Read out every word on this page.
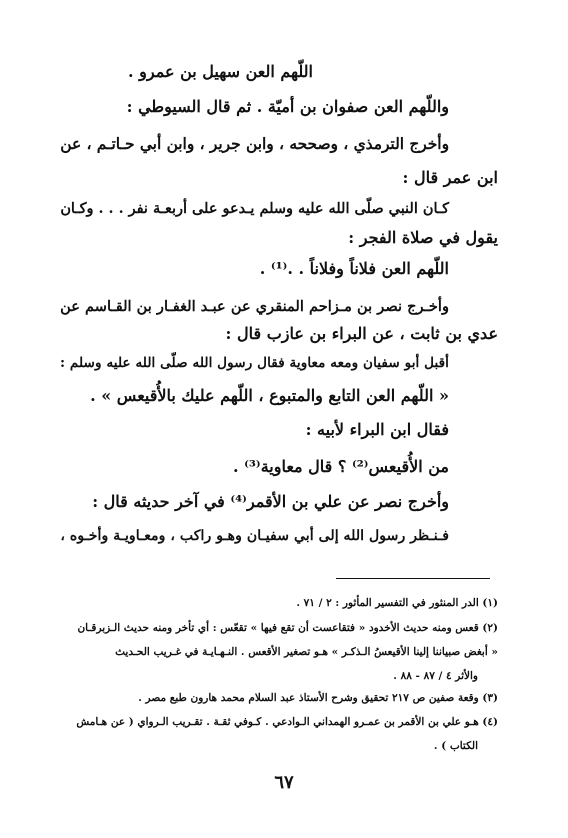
اللّهم العن سهيل بن عمرو .
واللّهم العن صفوان بن أميّة . ثم قال السيوطي :
وأخرج الترمذي ، وصححه ، وابن جرير ، وابن أبي حـاتـم ، عن
ابن عمر قال :
كـان النبي صلّى الله عليه وسلم يـدعو على أربعـة نفر . . . وكـان
يقول في صلاة الفجر :
اللّهم العن فلاناً وفلاناً . .⁽¹⁾ .
وأخـرج نصر بن مـزاحم المنقري عن عبـد الغفـار بن القـاسم عن
عدي بن ثابت ، عن البراء بن عازب قال :
أقبل أبو سفيان ومعه معاوية فقال رسول الله صلّى الله عليه وسلم :
« اللّهم العن التابع والمتبوع ، اللّهم عليك بالأُقيعس » .
فقال ابن البراء لأبيه :
من الأُقيعس⁽²⁾ ؟ قال معاوية⁽³⁾ .
وأخرج نصر عن علي بن الأقمر⁽⁴⁾ في آخر حديثه قال :
فـنـظر رسول الله إلى أبي سفيـان وهـو راكب ، ومعـاويـة وأخـوه ،
(١) الدر المنثور في التفسير المأثور : ٢ / ٧١ .
(٢) قعس ومنه حديث الأخدود « فتقاعست أن تقع فيها » تقعّس : أي تأخر ومنه حديث الـزبرقـان
« أبغض صبياننا إلينا الأقيعسُ الـذكـر » هـو تصغير الأقعس . النـهـايـة في غـريب الحـديث
والأثر ٤ / ٨٧ - ٨٨ .
(٣) وقعة صفين ص ٢١٧ تحقيق وشرح الأستاذ عبد السلام محمد هارون طبع مصر .
(٤) هـو علي بن الأقمر بن عمـرو الهمداني الـوادعي . كـوفي ثقـة . تقـريب الـرواي ( عن هـامش
الكتاب ) .
٦٧
